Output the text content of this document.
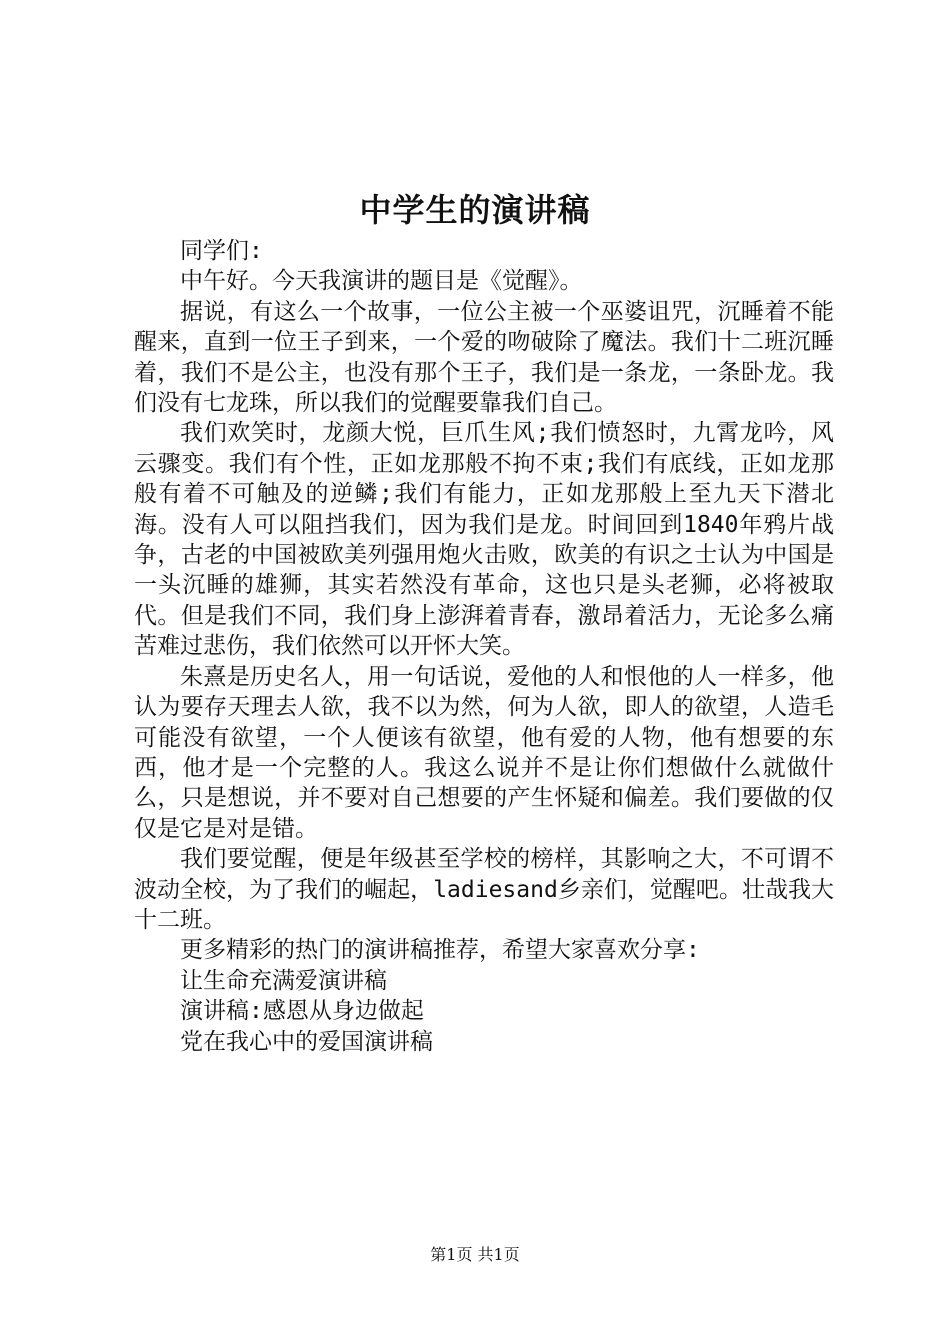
中学生的演讲稿

同学们:

中午好。今天我演讲的题目是《觉醒》。

据说，有这么一个故事，一位公主被一个巫婆诅咒，沉睡着不能醒来，直到一位王子到来，一个爱的吻破除了魔法。我们十二班沉睡着，我们不是公主，也没有那个王子，我们是一条龙，一条卧龙。我们没有七龙珠，所以我们的觉醒要靠我们自己。

我们欢笑时，龙颜大悦，巨爪生风;我们愤怒时，九霄龙吟，风云骤变。我们有个性，正如龙那般不拘不束;我们有底线，正如龙那般有着不可触及的逆鳞;我们有能力，正如龙那般上至九天下潜北海。没有人可以阻挡我们，因为我们是龙。时间回到1840年鸦片战争，古老的中国被欧美列强用炮火击败，欧美的有识之士认为中国是一头沉睡的雄狮，其实若然没有革命，这也只是头老狮，必将被取代。但是我们不同，我们身上澎湃着青春，激昂着活力，无论多么痛苦难过悲伤，我们依然可以开怀大笑。

朱熹是历史名人，用一句话说，爱他的人和恨他的人一样多，他认为要存天理去人欲，我不以为然，何为人欲，即人的欲望，人造毛可能没有欲望，一个人便该有欲望，他有爱的人物，他有想要的东西，他才是一个完整的人。我这么说并不是让你们想做什么就做什么，只是想说，并不要对自己想要的产生怀疑和偏差。我们要做的仅仅是它是对是错。

我们要觉醒，便是年级甚至学校的榜样，其影响之大，不可谓不波动全校，为了我们的崛起，ladiesand乡亲们，觉醒吧。壮哉我大十二班。

更多精彩的热门的演讲稿推荐，希望大家喜欢分享:

让生命充满爱演讲稿

演讲稿:感恩从身边做起

党在我心中的爱国演讲稿

第1页 共1页
